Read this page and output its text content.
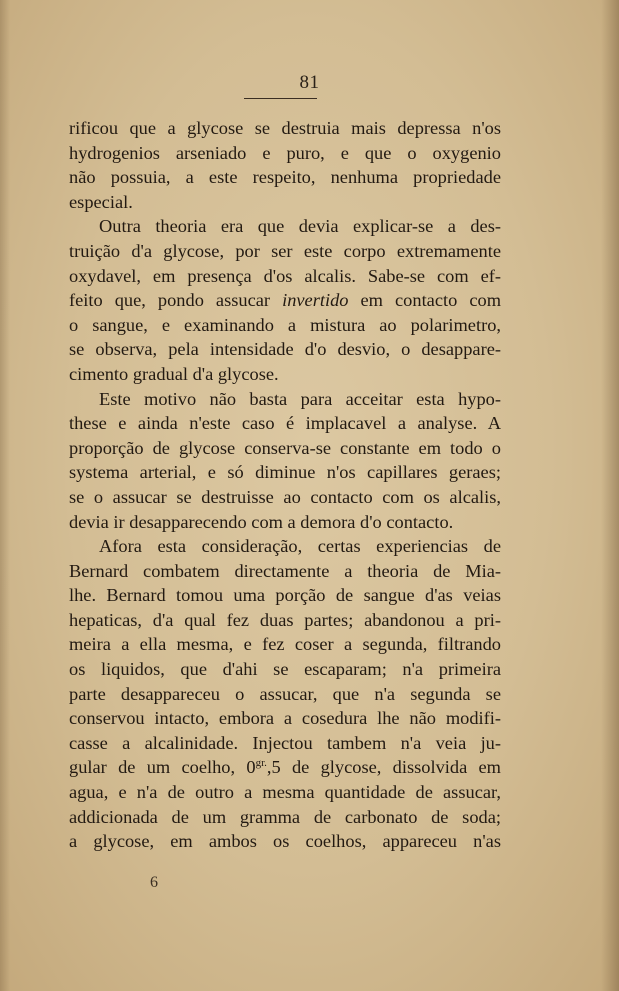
81
rificou que a glycose se destruia mais depressa n'os
hydrogenios arseniado e puro, e que o oxygenio
não possuia, a este respeito, nenhuma propriedade
especial.
Outra theoria era que devia explicar-se a des-
truição d'a glycose, por ser este corpo extremamente
oxydavel, em presença d'os alcalis. Sabe-se com ef-
feito que, pondo assucar invertido em contacto com
o sangue, e examinando a mistura ao polarimetro,
se observa, pela intensidade d'o desvio, o desappare-
cimento gradual d'a glycose.
Este motivo não basta para acceitar esta hypo-
these e ainda n'este caso é implacavel a analyse. A
proporção de glycose conserva-se constante em todo o
systema arterial, e só diminue n'os capillares geraes;
se o assucar se destruisse ao contacto com os alcalis,
devia ir desapparecendo com a demora d'o contacto.
Afora esta consideração, certas experiencias de
Bernard combatem directamente a theoria de Mia-
lhe. Bernard tomou uma porção de sangue d'as veias
hepaticas, d'a qual fez duas partes; abandonou a pri-
meira a ella mesma, e fez coser a segunda, filtrando
os liquidos, que d'ahi se escaparam; n'a primeira
parte desappareceu o assucar, que n'a segunda se
conservou intacto, embora a cosedura lhe não modifi-
casse a alcalinidade. Injectou tambem n'a veia ju-
gular de um coelho, $0^{gr.},5$ de glycose, dissolvida em
agua, e n'a de outro a mesma quantidade de assucar,
addicionada de um gramma de carbonato de soda;
a glycose, em ambos os coelhos, appareceu n'as
6
